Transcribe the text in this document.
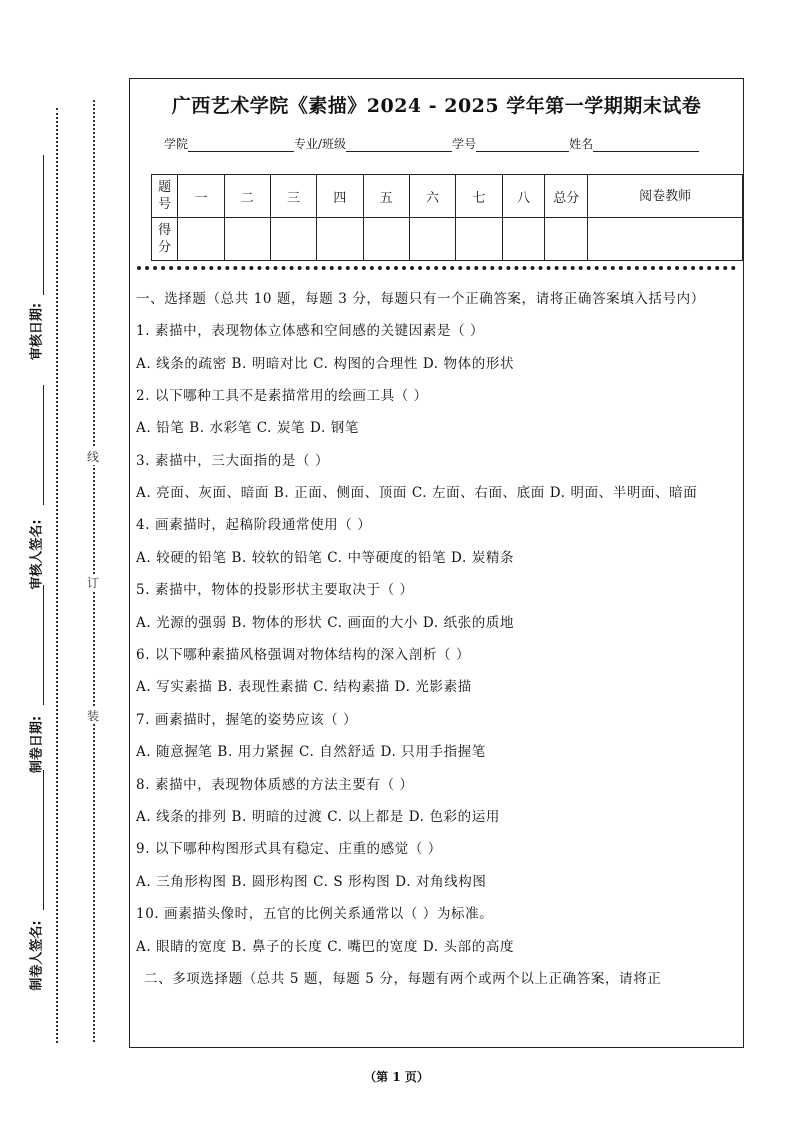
审核日期:
审核人签名:
制卷日期:
制卷人签名:
线
订
装
广西艺术学院《素描》2024 - 2025 学年第一学期期末试卷
学院	专业/班级	学号	姓名
题号	一	二	三	四	五	六	七	八	总分	阅卷教师
得分										

一、选择题（总共 10 题，每题 3 分，每题只有一个正确答案，请将正确答案填入括号内）

1. 素描中，表现物体立体感和空间感的关键因素是（ ）

A. 线条的疏密 B. 明暗对比 C. 构图的合理性 D. 物体的形状

2. 以下哪种工具不是素描常用的绘画工具（ ）

A. 铅笔 B. 水彩笔 C. 炭笔 D. 钢笔

3. 素描中，三大面指的是（ ）

A. 亮面、灰面、暗面 B. 正面、侧面、顶面 C. 左面、右面、底面 D. 明面、半明面、暗面

4. 画素描时，起稿阶段通常使用（ ）

A. 较硬的铅笔 B. 较软的铅笔 C. 中等硬度的铅笔 D. 炭精条

5. 素描中，物体的投影形状主要取决于（ ）

A. 光源的强弱 B. 物体的形状 C. 画面的大小 D. 纸张的质地

6. 以下哪种素描风格强调对物体结构的深入剖析（ ）

A. 写实素描 B. 表现性素描 C. 结构素描 D. 光影素描

7. 画素描时，握笔的姿势应该（ ）

A. 随意握笔 B. 用力紧握 C. 自然舒适 D. 只用手指握笔

8. 素描中，表现物体质感的方法主要有（ ）

A. 线条的排列 B. 明暗的过渡 C. 以上都是 D. 色彩的运用

9. 以下哪种构图形式具有稳定、庄重的感觉（ ）

A. 三角形构图 B. 圆形构图 C. S 形构图 D. 对角线构图

10. 画素描头像时，五官的比例关系通常以（ ）为标准。

A. 眼睛的宽度 B. 鼻子的长度 C. 嘴巴的宽度 D. 头部的高度

二、多项选择题（总共 5 题，每题 5 分，每题有两个或两个以上正确答案，请将正

（第 1 页）
